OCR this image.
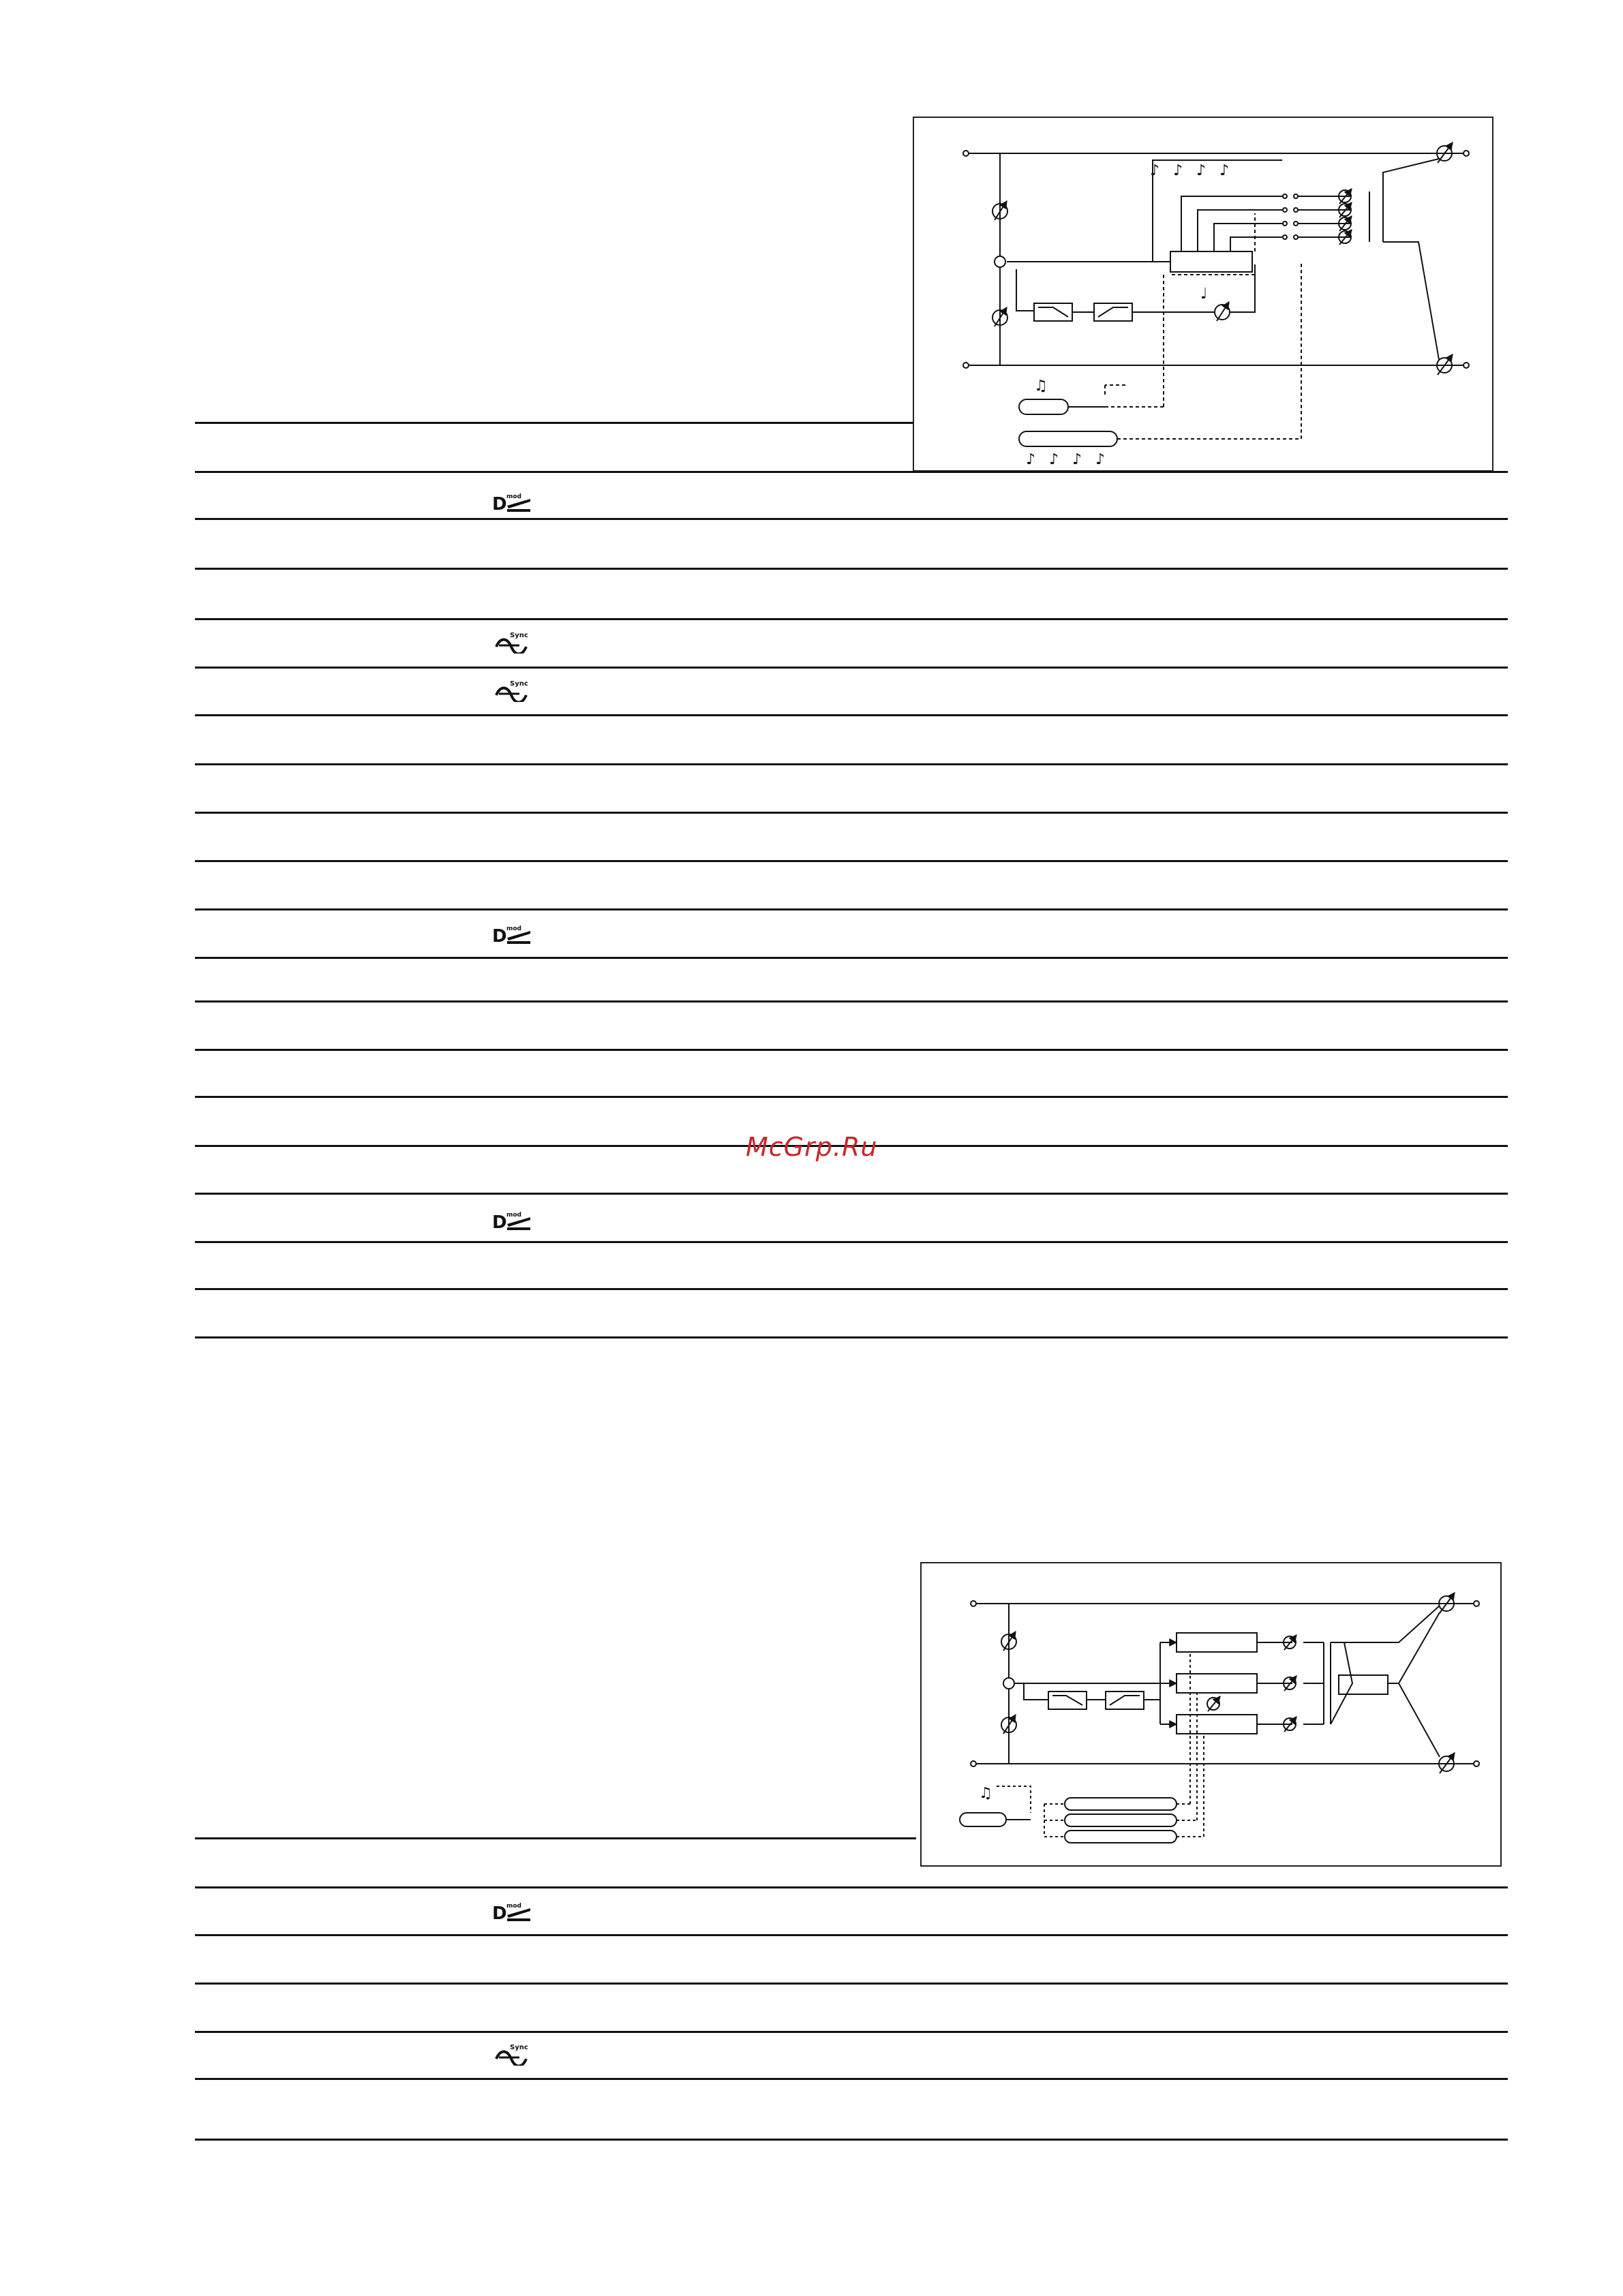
♪ ♪ ♪ ♪
♩
♫
♪ ♪ ♪ ♪
D mod
Sync
Sync
D mod
D mod
McGrp.Ru
♫
D mod
Sync
